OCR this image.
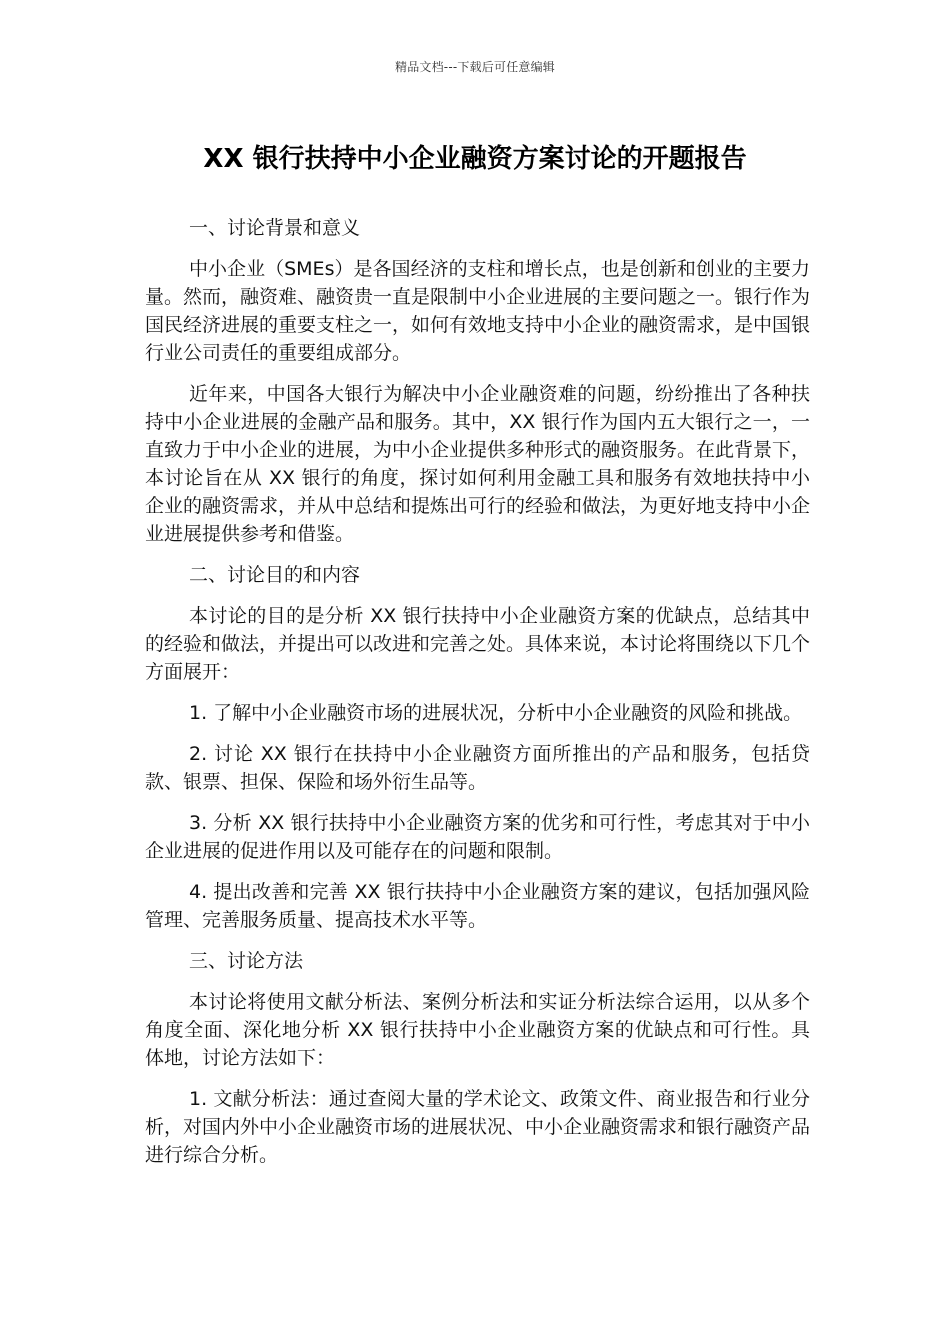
精品文档---下载后可任意编辑
XX 银行扶持中小企业融资方案讨论的开题报告

一、讨论背景和意义

中小企业（SMEs）是各国经济的支柱和增长点，也是创新和创业的主要力量。然而，融资难、融资贵一直是限制中小企业进展的主要问题之一。银行作为国民经济进展的重要支柱之一，如何有效地支持中小企业的融资需求，是中国银行业公司责任的重要组成部分。

近年来，中国各大银行为解决中小企业融资难的问题，纷纷推出了各种扶持中小企业进展的金融产品和服务。其中，XX 银行作为国内五大银行之一，一直致力于中小企业的进展，为中小企业提供多种形式的融资服务。在此背景下，本讨论旨在从 XX 银行的角度，探讨如何利用金融工具和服务有效地扶持中小企业的融资需求，并从中总结和提炼出可行的经验和做法，为更好地支持中小企业进展提供参考和借鉴。

二、讨论目的和内容

本讨论的目的是分析 XX 银行扶持中小企业融资方案的优缺点，总结其中的经验和做法，并提出可以改进和完善之处。具体来说，本讨论将围绕以下几个方面展开：

1. 了解中小企业融资市场的进展状况，分析中小企业融资的风险和挑战。

2. 讨论 XX 银行在扶持中小企业融资方面所推出的产品和服务，包括贷款、银票、担保、保险和场外衍生品等。

3. 分析 XX 银行扶持中小企业融资方案的优劣和可行性，考虑其对于中小企业进展的促进作用以及可能存在的问题和限制。

4. 提出改善和完善 XX 银行扶持中小企业融资方案的建议，包括加强风险管理、完善服务质量、提高技术水平等。

三、讨论方法

本讨论将使用文献分析法、案例分析法和实证分析法综合运用，以从多个角度全面、深化地分析 XX 银行扶持中小企业融资方案的优缺点和可行性。具体地，讨论方法如下：

1. 文献分析法：通过查阅大量的学术论文、政策文件、商业报告和行业分析，对国内外中小企业融资市场的进展状况、中小企业融资需求和银行融资产品进行综合分析。
